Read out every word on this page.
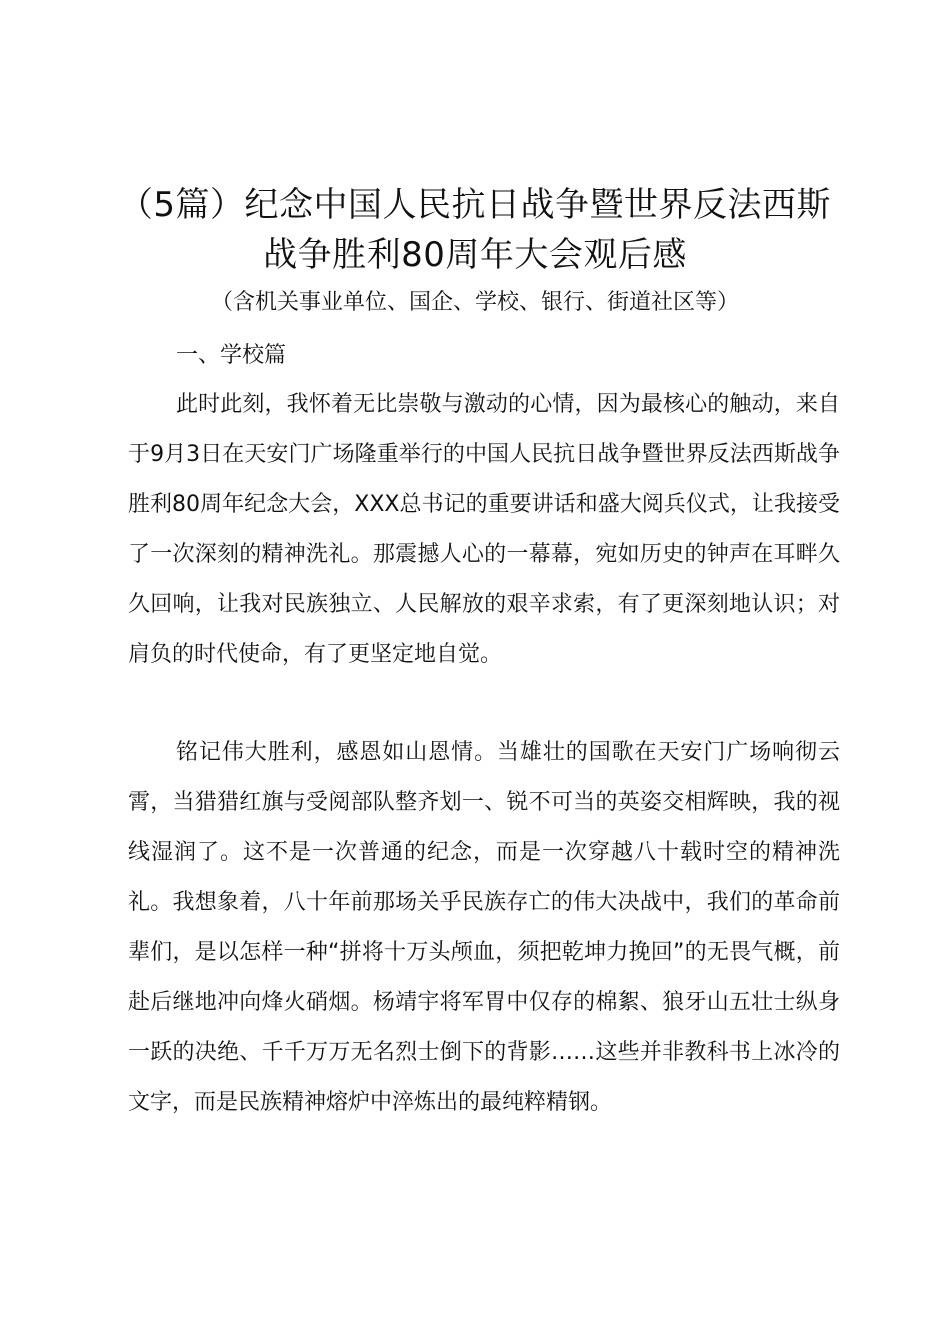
（5篇）纪念中国人民抗日战争暨世界反法西斯战争胜利80周年大会观后感
（含机关事业单位、国企、学校、银行、街道社区等）
一、学校篇

此时此刻，我怀着无比崇敬与激动的心情，因为最核心的触动，来自于9月3日在天安门广场隆重举行的中国人民抗日战争暨世界反法西斯战争胜利80周年纪念大会，XXX总书记的重要讲话和盛大阅兵仪式，让我接受了一次深刻的精神洗礼。那震撼人心的一幕幕，宛如历史的钟声在耳畔久久回响，让我对民族独立、人民解放的艰辛求索，有了更深刻地认识；对肩负的时代使命，有了更坚定地自觉。

铭记伟大胜利，感恩如山恩情。当雄壮的国歌在天安门广场响彻云霄，当猎猎红旗与受阅部队整齐划一、锐不可当的英姿交相辉映，我的视线湿润了。这不是一次普通的纪念，而是一次穿越八十载时空的精神洗礼。我想象着，八十年前那场关乎民族存亡的伟大决战中，我们的革命前辈们，是以怎样一种“拼将十万头颅血，须把乾坤力挽回”的无畏气概，前赴后继地冲向烽火硝烟。杨靖宇将军胃中仅存的棉絮、狼牙山五壮士纵身一跃的决绝、千千万万无名烈士倒下的背影……这些并非教科书上冰冷的文字，而是民族精神熔炉中淬炼出的最纯粹精钢。
